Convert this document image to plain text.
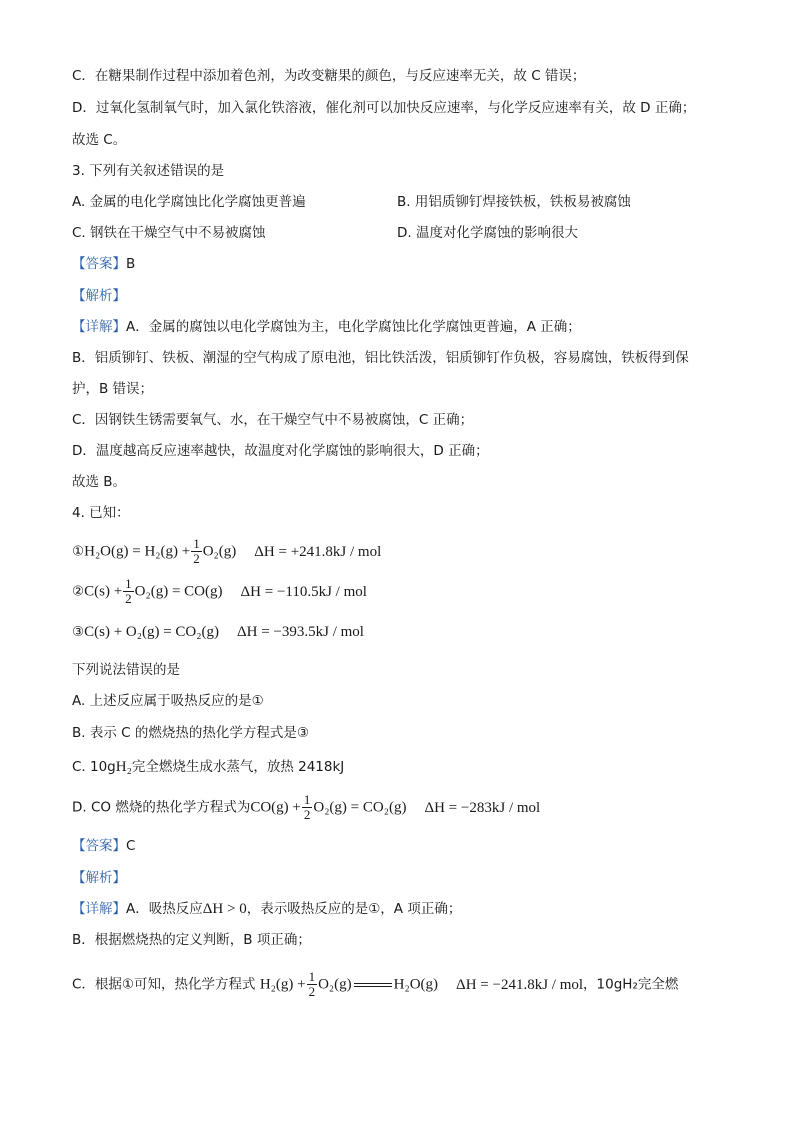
C．在糖果制作过程中添加着色剂，为改变糖果的颜色，与反应速率无关，故 C 错误；
D．过氧化氢制氧气时，加入氯化铁溶液，催化剂可以加快反应速率，与化学反应速率有关，故 D 正确；
故选 C。
3. 下列有关叙述错误的是
A. 金属的电化学腐蚀比化学腐蚀更普遍	B. 用铝质铆钉焊接铁板，铁板易被腐蚀
C. 钢铁在干燥空气中不易被腐蚀	D. 温度对化学腐蚀的影响很大
【答案】B
【解析】
【详解】A．金属的腐蚀以电化学腐蚀为主，电化学腐蚀比化学腐蚀更普遍，A 正确；
B．铝质铆钉、铁板、潮湿的空气构成了原电池，铝比铁活泼，铝质铆钉作负极，容易腐蚀，铁板得到保
护，B 错误；
C．因钢铁生锈需要氧气、水，在干燥空气中不易被腐蚀，C 正确；
D．温度越高反应速率越快，故温度对化学腐蚀的影响很大，D 正确；
故选 B。
4. 已知：
①H₂O(g) = $H_2(g) + \frac{1}{2} O_2(g) \Delta H = +241.8kJ$ / mol
②C(s) + $\frac{1}{2} O_2(g) = CO(g) \Delta H = -110.5kJ$ / mol
③C(s) + O₂(g) = CO₂(g) ΔH = −393.5kJ / mol
下列说法错误的是
A. 上述反应属于吸热反应的是①
B. 表示 C 的燃烧热的热化学方程式是③
C. 10gH₂完全燃烧生成水蒸气，放热 2418kJ
D. CO 燃烧的热化学方程式为$CO(g) + \frac{1}{2} O_2(g) = CO_2(g) \Delta H = -283kJ$ / mol
【答案】C
【解析】
【详解】A．吸热反应ΔH > 0，表示吸热反应的是①，A 项正确；
B．根据燃烧热的定义判断，B 项正确；
C．根据①可知，热化学方程式 $H_2(g) + \frac{1}{2} O_2(g)$	H₂O(g) ΔH = −241.8kJ / mol，10gH₂完全燃
